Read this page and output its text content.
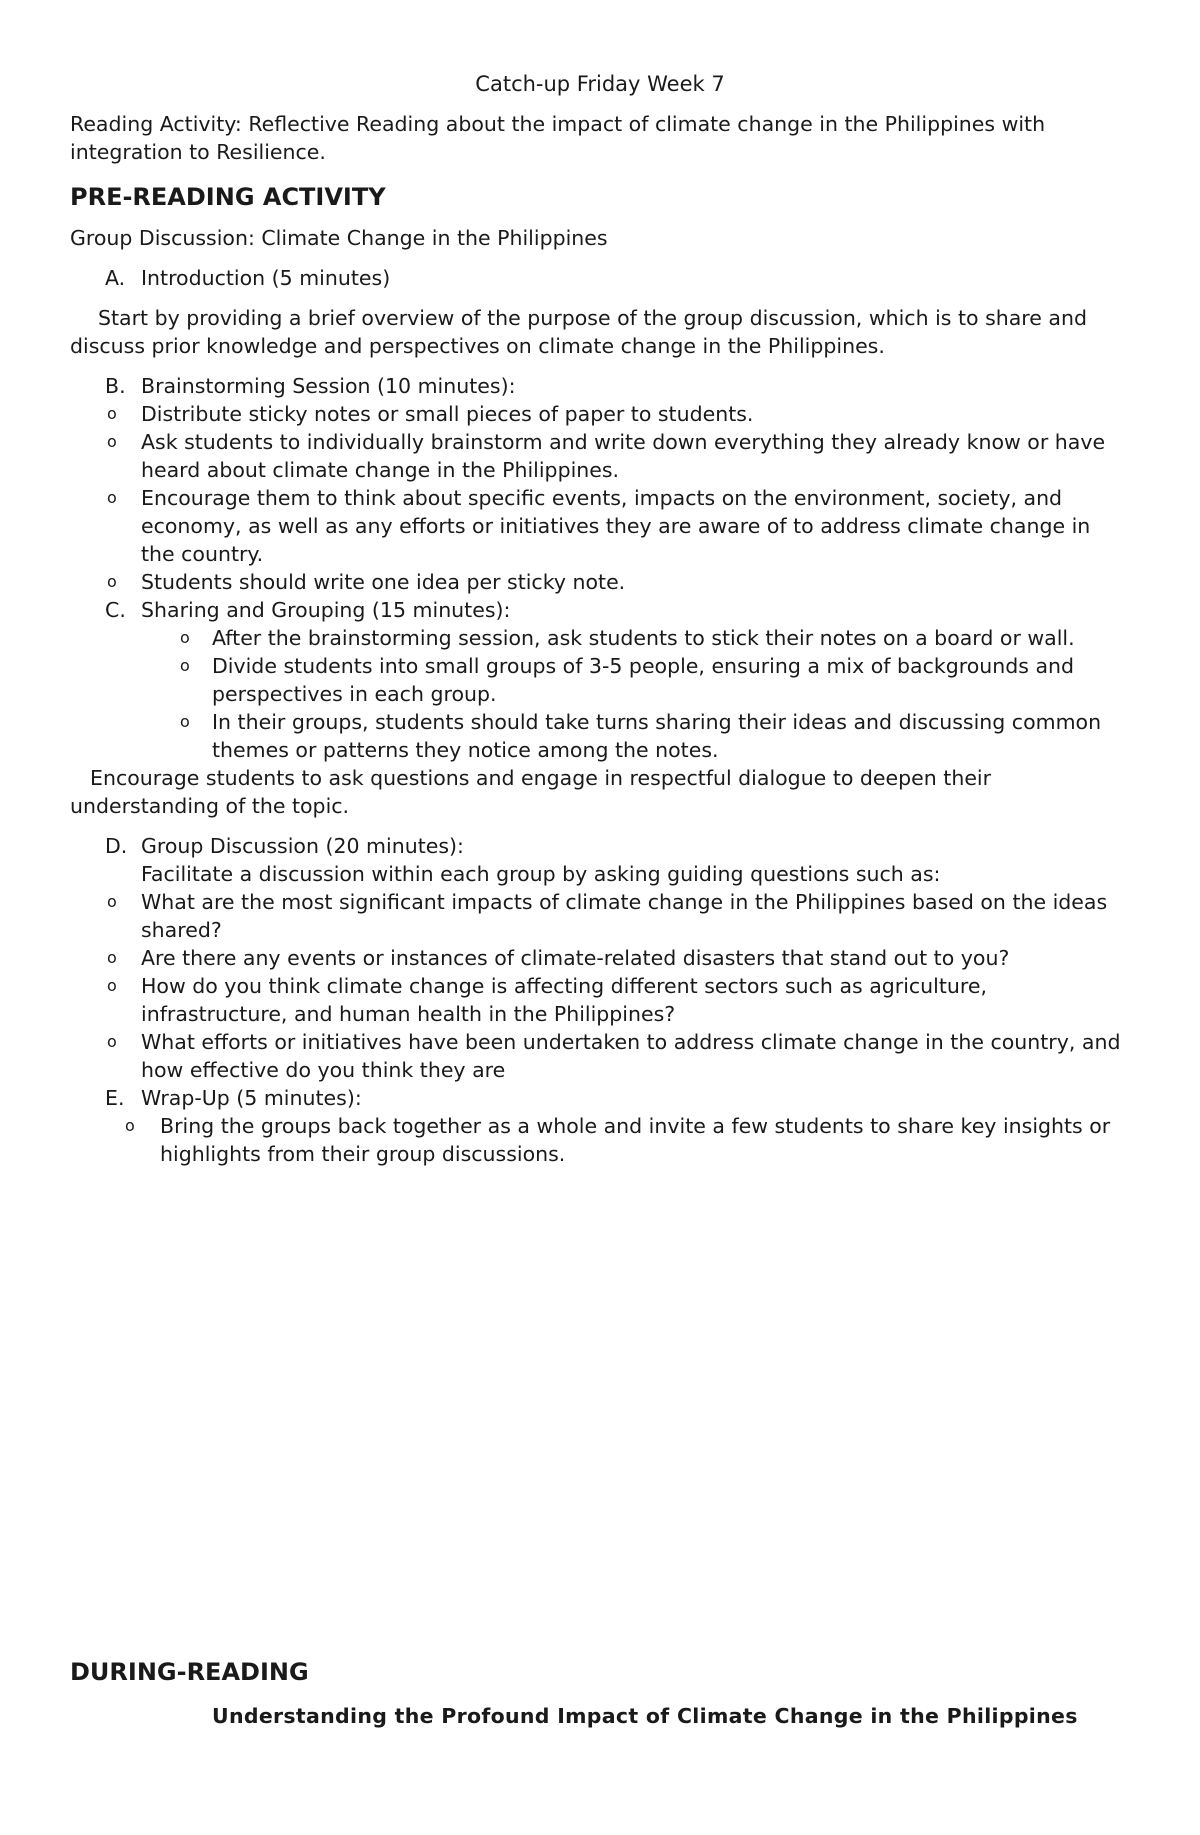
Catch-up Friday Week 7

Reading Activity: Reflective Reading about the impact of climate change in the Philippines with integration to Resilience.

PRE-READING ACTIVITY
Group Discussion: Climate Change in the Philippines
A. Introduction (5 minutes)

Start by providing a brief overview of the purpose of the group discussion, which is to share and discuss prior knowledge and perspectives on climate change in the Philippines.

B. Brainstorming Session (10 minutes):
o Distribute sticky notes or small pieces of paper to students.
o Ask students to individually brainstorm and write down everything they already know or have heard about climate change in the Philippines.
o Encourage them to think about specific events, impacts on the environment, society, and economy, as well as any efforts or initiatives they are aware of to address climate change in the country.
o Students should write one idea per sticky note.
C. Sharing and Grouping (15 minutes):
o After the brainstorming session, ask students to stick their notes on a board or wall.
o Divide students into small groups of 3-5 people, ensuring a mix of backgrounds and perspectives in each group.
o In their groups, students should take turns sharing their ideas and discussing common themes or patterns they notice among the notes.

Encourage students to ask questions and engage in respectful dialogue to deepen their understanding of the topic.

D. Group Discussion (20 minutes):
Facilitate a discussion within each group by asking guiding questions such as:
o What are the most significant impacts of climate change in the Philippines based on the ideas shared?
o Are there any events or instances of climate-related disasters that stand out to you?
o How do you think climate change is affecting different sectors such as agriculture, infrastructure, and human health in the Philippines?
o What efforts or initiatives have been undertaken to address climate change in the country, and how effective do you think they are
E. Wrap-Up (5 minutes):
o Bring the groups back together as a whole and invite a few students to share key insights or highlights from their group discussions.
DURING-READING
Understanding the Profound Impact of Climate Change in the Philippines
